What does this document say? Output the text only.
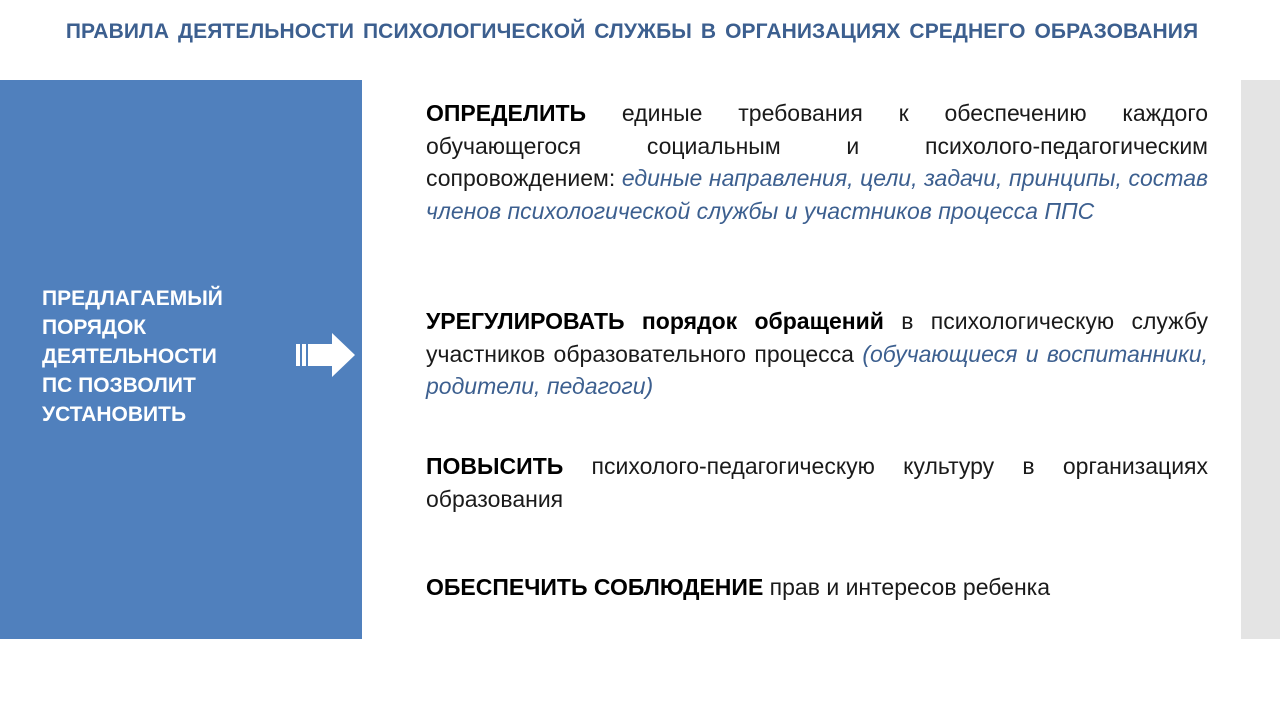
ПРАВИЛА ДЕЯТЕЛЬНОСТИ ПСИХОЛОГИЧЕСКОЙ СЛУЖБЫ В ОРГАНИЗАЦИЯХ СРЕДНЕГО ОБРАЗОВАНИЯ
ПРЕДЛАГАЕМЫЙ
ПОРЯДОК
ДЕЯТЕЛЬНОСТИ
ПС ПОЗВОЛИТ
УСТАНОВИТЬ
ОПРЕДЕЛИТЬ единые требования к обеспечению каждого обучающегося социальным и психолого-педагогическим сопровождением: единые направления, цели, задачи, принципы, состав членов психологической службы и участников процесса ППС
УРЕГУЛИРОВАТЬ порядок обращений в психологическую службу участников образовательного процесса (обучающиеся и воспитанники, родители, педагоги)
ПОВЫСИТЬ психолого-педагогическую культуру в организациях образования
ОБЕСПЕЧИТЬ СОБЛЮДЕНИЕ прав и интересов ребенка
